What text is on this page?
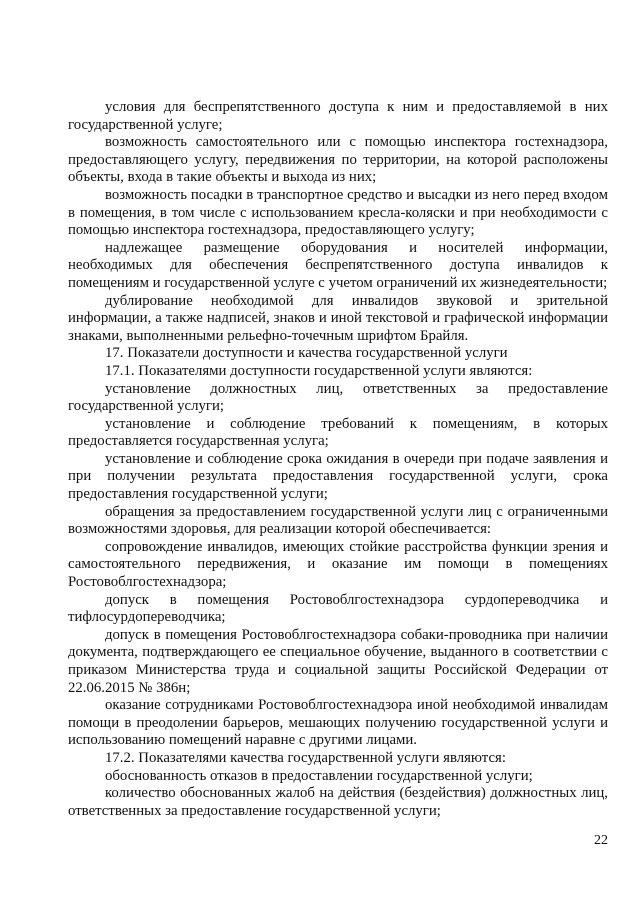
условия для беспрепятственного доступа к ним и предоставляемой в них государственной услуге;

возможность самостоятельного или с помощью инспектора гостехнадзора, предоставляющего услугу, передвижения по территории, на которой расположены объекты, входа в такие объекты и выхода из них;

возможность посадки в транспортное средство и высадки из него перед входом в помещения, в том числе с использованием кресла-коляски и при необходимости с помощью инспектора гостехнадзора, предоставляющего услугу;

надлежащее размещение оборудования и носителей информации, необходимых для обеспечения беспрепятственного доступа инвалидов к помещениям и государственной услуге с учетом ограничений их жизнедеятельности;

дублирование необходимой для инвалидов звуковой и зрительной информации, а также надписей, знаков и иной текстовой и графической информации знаками, выполненными рельефно-точечным шрифтом Брайля.

17. Показатели доступности и качества государственной услуги

17.1. Показателями доступности государственной услуги являются:

установление должностных лиц, ответственных за предоставление государственной услуги;

установление и соблюдение требований к помещениям, в которых предоставляется государственная услуга;

установление и соблюдение срока ожидания в очереди при подаче заявления и при получении результата предоставления государственной услуги, срока предоставления государственной услуги;

обращения за предоставлением государственной услуги лиц с ограниченными возможностями здоровья, для реализации которой обеспечивается:

сопровождение инвалидов, имеющих стойкие расстройства функции зрения и самостоятельного передвижения, и оказание им помощи в помещениях Ростовоблгостехнадзора;

допуск в помещения Ростовоблгостехнадзора сурдопереводчика и тифлосурдопереводчика;

допуск в помещения Ростовоблгостехнадзора собаки-проводника при наличии документа, подтверждающего ее специальное обучение, выданного в соответствии с приказом Министерства труда и социальной защиты Российской Федерации от 22.06.2015 № 386н;

оказание сотрудниками Ростовоблгостехнадзора иной необходимой инвалидам помощи в преодолении барьеров, мешающих получению государственной услуги и использованию помещений наравне с другими лицами.

17.2. Показателями качества государственной услуги являются:

обоснованность отказов в предоставлении государственной услуги;

количество обоснованных жалоб на действия (бездействия) должностных лиц, ответственных за предоставление государственной услуги;

22
